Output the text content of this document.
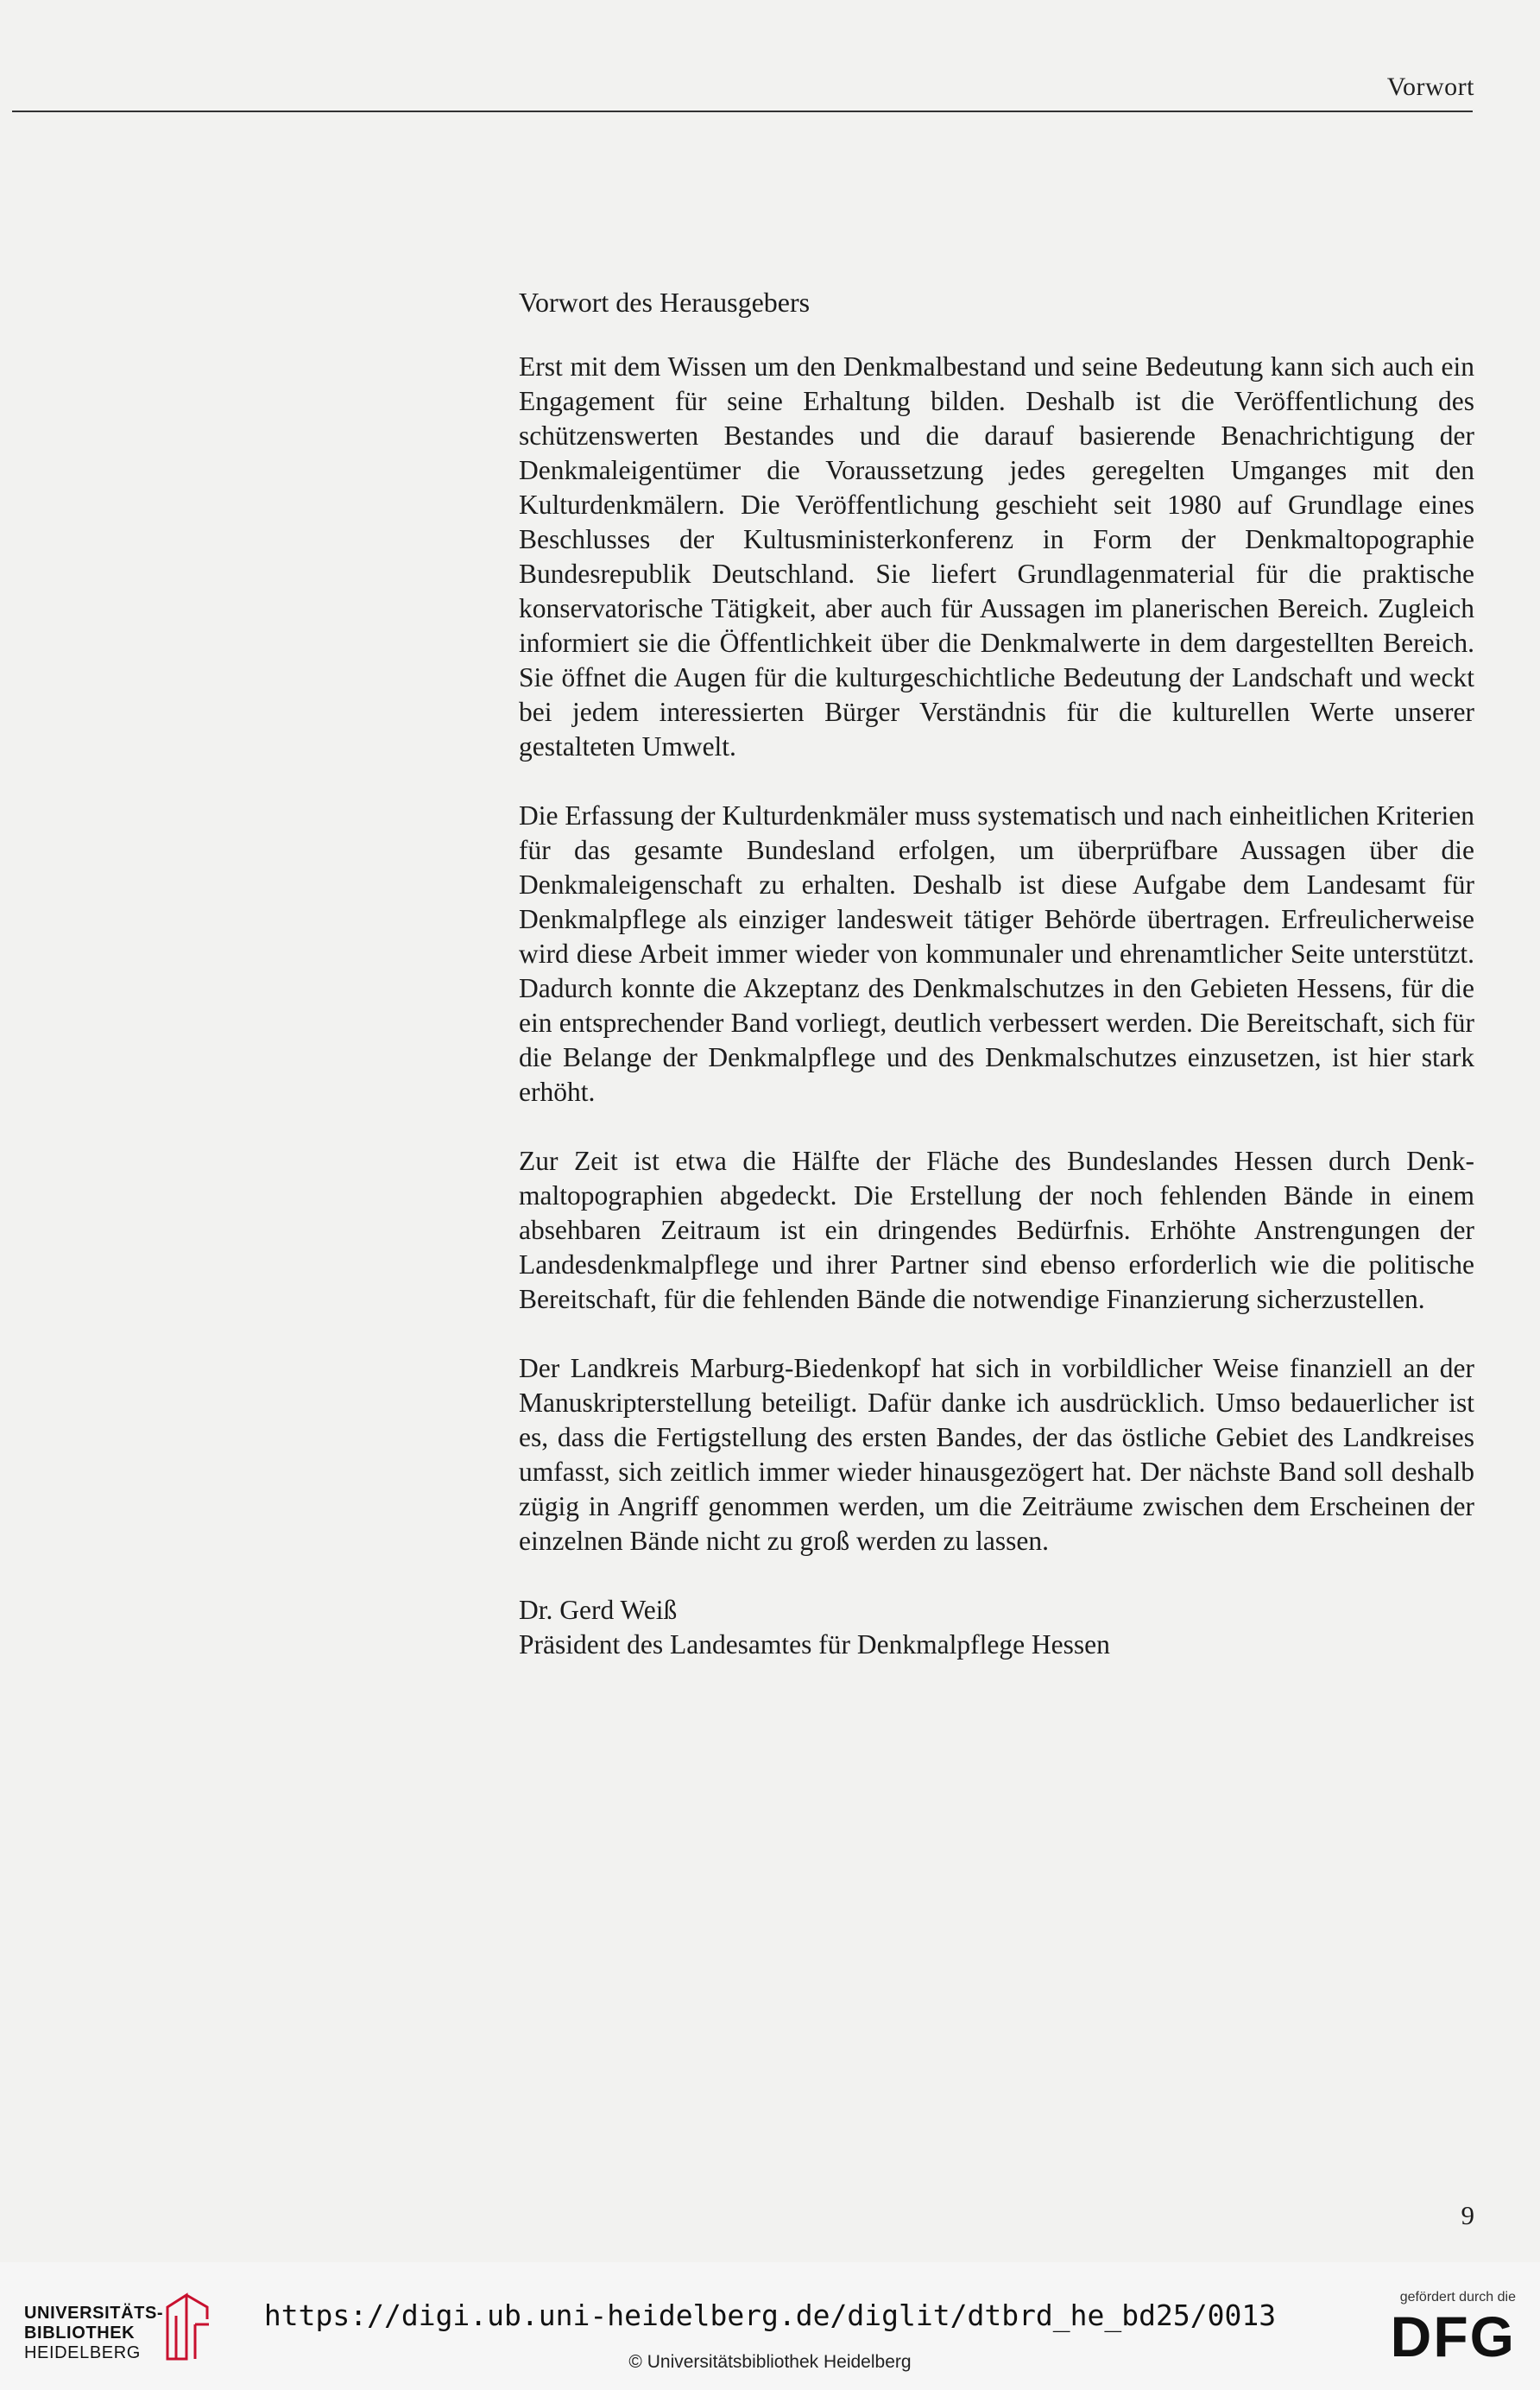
Vorwort
Vorwort des Herausgebers

Erst mit dem Wissen um den Denkmalbestand und seine Bedeutung kann sich auch ein Engagement für seine Erhaltung bilden. Deshalb ist die Veröffentlichung des schützenswerten Bestandes und die darauf basierende Benachrichtigung der Denkmaleigentümer die Voraussetzung jedes geregelten Umganges mit den Kulturdenkmälern. Die Veröffentlichung geschieht seit 1980 auf Grundlage eines Beschlusses der Kultusministerkonferenz in Form der Denkmaltopographie Bundesrepublik Deutschland. Sie liefert Grundlagenmaterial für die praktische konservatorische Tätigkeit, aber auch für Aussagen im planerischen Bereich. Zugleich informiert sie die Öffentlichkeit über die Denkmalwerte in dem dargestellten Bereich. Sie öffnet die Augen für die kulturgeschichtliche Bedeutung der Landschaft und weckt bei jedem interessierten Bürger Verständnis für die kulturellen Werte unserer gestalteten Umwelt.

Die Erfassung der Kulturdenkmäler muss systematisch und nach einheitlichen Kriterien für das gesamte Bundesland erfolgen, um überprüfbare Aussagen über die Denkmaleigenschaft zu erhalten. Deshalb ist diese Aufgabe dem Landesamt für Denkmalpflege als einziger landesweit tätiger Behörde übertragen. Erfreulicherweise wird diese Arbeit immer wieder von kommunaler und ehrenamtlicher Seite unterstützt. Dadurch konnte die Akzeptanz des Denkmalschutzes in den Gebieten Hessens, für die ein entsprechender Band vorliegt, deutlich verbessert werden. Die Bereitschaft, sich für die Belange der Denkmalpflege und des Denkmalschutzes einzusetzen, ist hier stark erhöht.

Zur Zeit ist etwa die Hälfte der Fläche des Bundeslandes Hessen durch Denkmaltopographien abgedeckt. Die Erstellung der noch fehlenden Bände in einem absehbaren Zeitraum ist ein dringendes Bedürfnis. Erhöhte Anstrengungen der Landesdenkmalpflege und ihrer Partner sind ebenso erforderlich wie die politische Bereitschaft, für die fehlenden Bände die notwendige Finanzierung sicherzustellen.

Der Landkreis Marburg-Biedenkopf hat sich in vorbildlicher Weise finanziell an der Manuskripterstellung beteiligt. Dafür danke ich ausdrücklich. Umso bedauerlicher ist es, dass die Fertigstellung des ersten Bandes, der das östliche Gebiet des Landkreises umfasst, sich zeitlich immer wieder hinausgezögert hat. Der nächste Band soll deshalb zügig in Angriff genommen werden, um die Zeiträume zwischen dem Erscheinen der einzelnen Bände nicht zu groß werden zu lassen.

Dr. Gerd Weiß

Präsident des Landesamtes für Denkmalpflege Hessen

9
UNIVERSITÄTS-
BIBLIOTHEK
HEIDELBERG
https://digi.ub.uni-heidelberg.de/diglit/dtbrd_he_bd25/0013
© Universitätsbibliothek Heidelberg
gefördert durch die
DFG
